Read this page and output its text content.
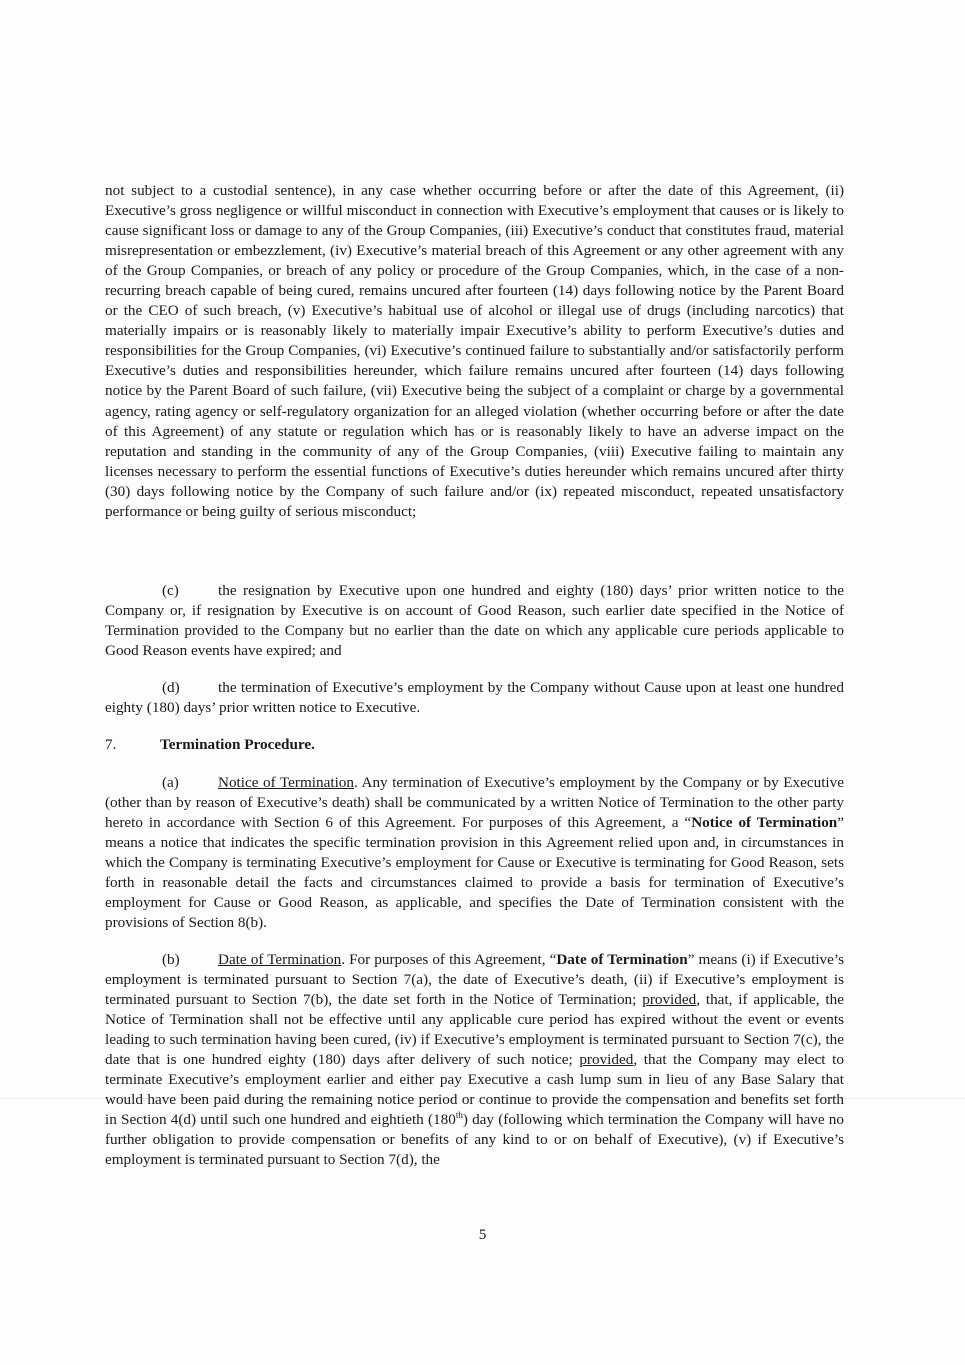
not subject to a custodial sentence), in any case whether occurring before or after the date of this Agreement, (ii) Executive’s gross negligence or willful misconduct in connection with Executive’s employment that causes or is likely to cause significant loss or damage to any of the Group Companies, (iii) Executive’s conduct that constitutes fraud, material misrepresentation or embezzlement, (iv) Executive’s material breach of this Agreement or any other agreement with any of the Group Companies, or breach of any policy or procedure of the Group Companies, which, in the case of a non-recurring breach capable of being cured, remains uncured after fourteen (14) days following notice by the Parent Board or the CEO of such breach, (v) Executive’s habitual use of alcohol or illegal use of drugs (including narcotics) that materially impairs or is reasonably likely to materially impair Executive’s ability to perform Executive’s duties and responsibilities for the Group Companies, (vi) Executive’s continued failure to substantially and/or satisfactorily perform Executive’s duties and responsibilities hereunder, which failure remains uncured after fourteen (14) days following notice by the Parent Board of such failure, (vii) Executive being the subject of a complaint or charge by a governmental agency, rating agency or self-regulatory organization for an alleged violation (whether occurring before or after the date of this Agreement) of any statute or regulation which has or is reasonably likely to have an adverse impact on the reputation and standing in the community of any of the Group Companies, (viii) Executive failing to maintain any licenses necessary to perform the essential functions of Executive’s duties hereunder which remains uncured after thirty (30) days following notice by the Company of such failure and/or (ix) repeated misconduct, repeated unsatisfactory performance or being guilty of serious misconduct;

(c)	the resignation by Executive upon one hundred and eighty (180) days’ prior written notice to the Company or, if resignation by Executive is on account of Good Reason, such earlier date specified in the Notice of Termination provided to the Company but no earlier than the date on which any applicable cure periods applicable to Good Reason events have expired; and

(d)	the termination of Executive’s employment by the Company without Cause upon at least one hundred eighty (180) days’ prior written notice to Executive.

7.	Termination Procedure.

(a)	Notice of Termination. Any termination of Executive’s employment by the Company or by Executive (other than by reason of Executive’s death) shall be communicated by a written Notice of Termination to the other party hereto in accordance with Section 6 of this Agreement. For purposes of this Agreement, a “Notice of Termination” means a notice that indicates the specific termination provision in this Agreement relied upon and, in circumstances in which the Company is terminating Executive’s employment for Cause or Executive is terminating for Good Reason, sets forth in reasonable detail the facts and circumstances claimed to provide a basis for termination of Executive’s employment for Cause or Good Reason, as applicable, and specifies the Date of Termination consistent with the provisions of Section 8(b).

(b)	Date of Termination. For purposes of this Agreement, “Date of Termination” means (i) if Executive’s employment is terminated pursuant to Section 7(a), the date of Executive’s death, (ii) if Executive’s employment is terminated pursuant to Section 7(b), the date set forth in the Notice of Termination; provided, that, if applicable, the Notice of Termination shall not be effective until any applicable cure period has expired without the event or events leading to such termination having been cured, (iv) if Executive’s employment is terminated pursuant to Section 7(c), the date that is one hundred eighty (180) days after delivery of such notice; provided, that the Company may elect to terminate Executive’s employment earlier and either pay Executive a cash lump sum in lieu of any Base Salary that would have been paid during the remaining notice period or continue to provide the compensation and benefits set forth in Section 4(d) until such one hundred and eightieth (180th) day (following which termination the Company will have no further obligation to provide compensation or benefits of any kind to or on behalf of Executive), (v) if Executive’s employment is terminated pursuant to Section 7(d), the

5
